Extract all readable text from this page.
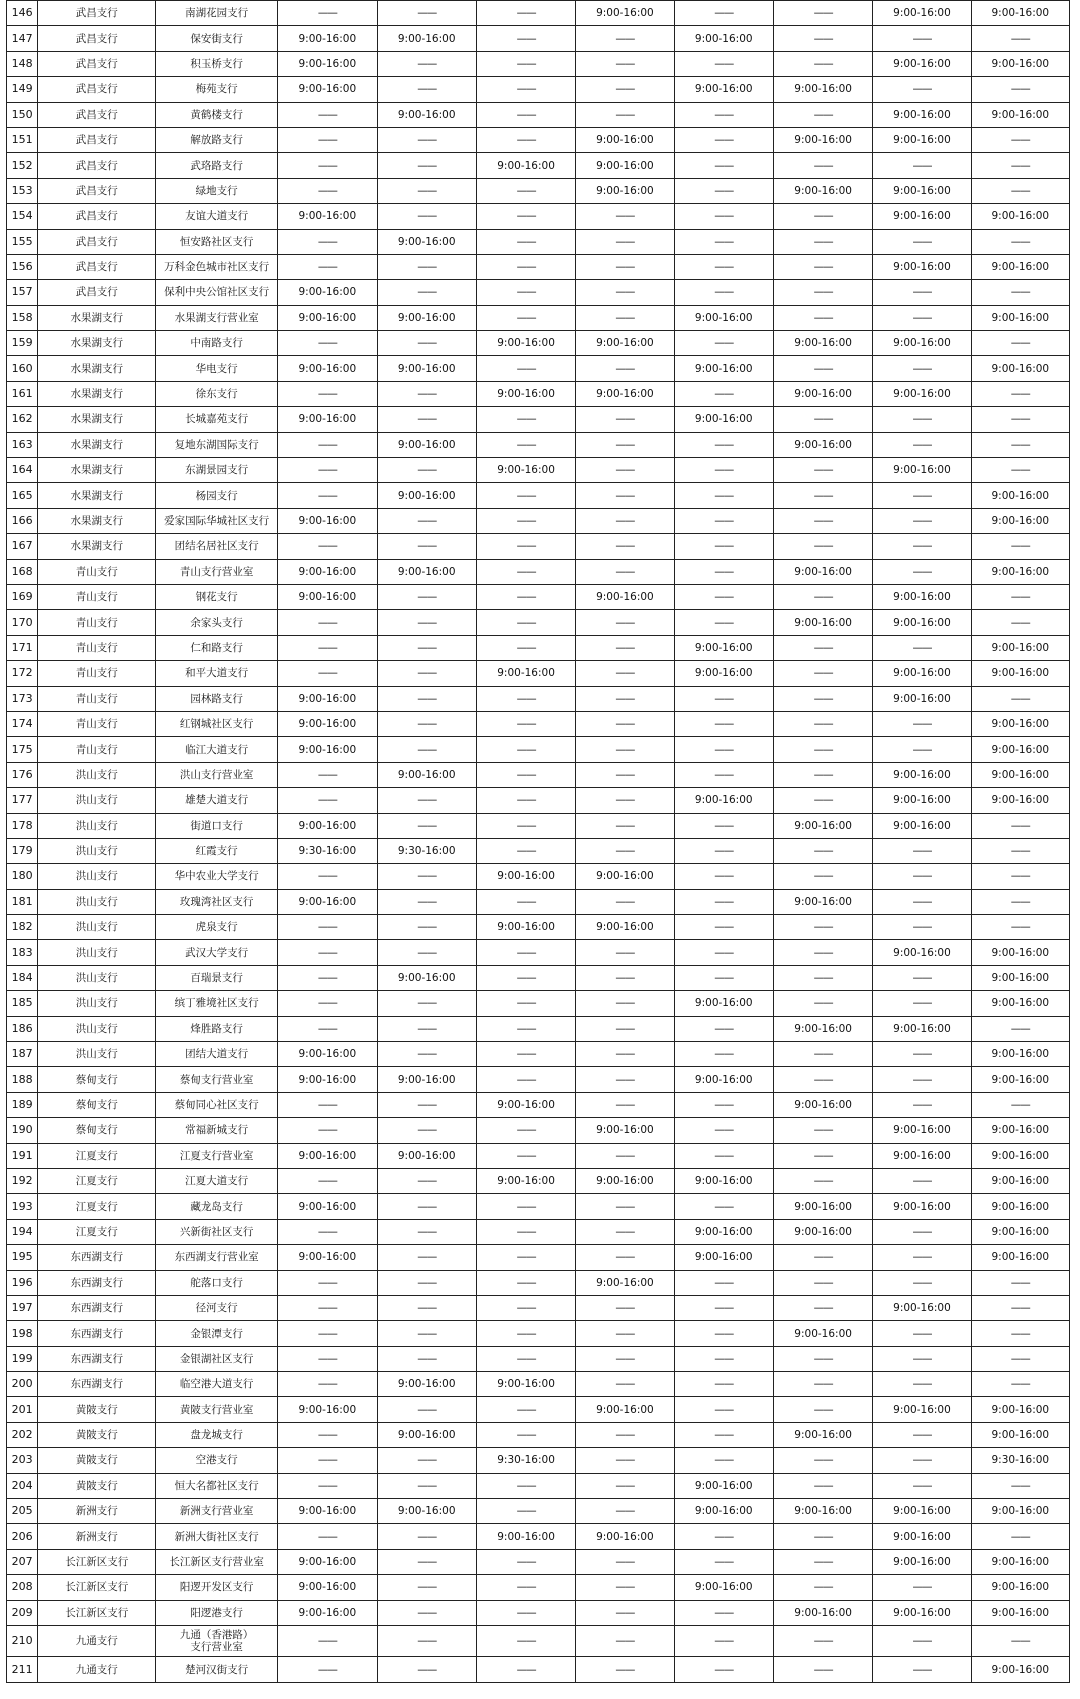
146	武昌支行	南湖花园支行	——	——	——	9:00-16:00	——	——	9:00-16:00	9:00-16:00
147	武昌支行	保安街支行	9:00-16:00	9:00-16:00	——	——	9:00-16:00	——	——	——
148	武昌支行	积玉桥支行	9:00-16:00	——	——	——	——	——	9:00-16:00	9:00-16:00
149	武昌支行	梅苑支行	9:00-16:00	——	——	——	9:00-16:00	9:00-16:00	——	——
150	武昌支行	黄鹤楼支行	——	9:00-16:00	——	——	——	——	9:00-16:00	9:00-16:00
151	武昌支行	解放路支行	——	——	——	9:00-16:00	——	9:00-16:00	9:00-16:00	——
152	武昌支行	武珞路支行	——	——	9:00-16:00	9:00-16:00	——	——	——	——
153	武昌支行	绿地支行	——	——	——	9:00-16:00	——	9:00-16:00	9:00-16:00	——
154	武昌支行	友谊大道支行	9:00-16:00	——	——	——	——	——	9:00-16:00	9:00-16:00
155	武昌支行	恒安路社区支行	——	9:00-16:00	——	——	——	——	——	——
156	武昌支行	万科金色城市社区支行	——	——	——	——	——	——	9:00-16:00	9:00-16:00
157	武昌支行	保利中央公馆社区支行	9:00-16:00	——	——	——	——	——	——	——
158	水果湖支行	水果湖支行营业室	9:00-16:00	9:00-16:00	——	——	9:00-16:00	——	——	9:00-16:00
159	水果湖支行	中南路支行	——	——	9:00-16:00	9:00-16:00	——	9:00-16:00	9:00-16:00	——
160	水果湖支行	华电支行	9:00-16:00	9:00-16:00	——	——	9:00-16:00	——	——	9:00-16:00
161	水果湖支行	徐东支行	——	——	9:00-16:00	9:00-16:00	——	9:00-16:00	9:00-16:00	——
162	水果湖支行	长城嘉苑支行	9:00-16:00	——	——	——	9:00-16:00	——	——	——
163	水果湖支行	复地东湖国际支行	——	9:00-16:00	——	——	——	9:00-16:00	——	——
164	水果湖支行	东湖景园支行	——	——	9:00-16:00	——	——	——	9:00-16:00	——
165	水果湖支行	杨园支行	——	9:00-16:00	——	——	——	——	——	9:00-16:00
166	水果湖支行	爱家国际华城社区支行	9:00-16:00	——	——	——	——	——	——	9:00-16:00
167	水果湖支行	团结名居社区支行	——	——	——	——	——	——	——	——
168	青山支行	青山支行营业室	9:00-16:00	9:00-16:00	——	——	——	9:00-16:00	——	9:00-16:00
169	青山支行	钢花支行	9:00-16:00	——	——	9:00-16:00	——	——	9:00-16:00	——
170	青山支行	余家头支行	——	——	——	——	——	9:00-16:00	9:00-16:00	——
171	青山支行	仁和路支行	——	——	——	——	9:00-16:00	——	——	9:00-16:00
172	青山支行	和平大道支行	——	——	9:00-16:00	——	9:00-16:00	——	9:00-16:00	9:00-16:00
173	青山支行	园林路支行	9:00-16:00	——	——	——	——	——	9:00-16:00	——
174	青山支行	红钢城社区支行	9:00-16:00	——	——	——	——	——	——	9:00-16:00
175	青山支行	临江大道支行	9:00-16:00	——	——	——	——	——	——	9:00-16:00
176	洪山支行	洪山支行营业室	——	9:00-16:00	——	——	——	——	9:00-16:00	9:00-16:00
177	洪山支行	雄楚大道支行	——	——	——	——	9:00-16:00	——	9:00-16:00	9:00-16:00
178	洪山支行	街道口支行	9:00-16:00	——	——	——	——	9:00-16:00	9:00-16:00	——
179	洪山支行	红霞支行	9:30-16:00	9:30-16:00	——	——	——	——	——	——
180	洪山支行	华中农业大学支行	——	——	9:00-16:00	9:00-16:00	——	——	——	——
181	洪山支行	玫瑰湾社区支行	9:00-16:00	——	——	——	——	9:00-16:00	——	——
182	洪山支行	虎泉支行	——	——	9:00-16:00	9:00-16:00	——	——	——	——
183	洪山支行	武汉大学支行	——	——	——	——	——	——	9:00-16:00	9:00-16:00
184	洪山支行	百瑞景支行	——	9:00-16:00	——	——	——	——	——	9:00-16:00
185	洪山支行	缤丁雅境社区支行	——	——	——	——	9:00-16:00	——	——	9:00-16:00
186	洪山支行	烽胜路支行	——	——	——	——	——	9:00-16:00	9:00-16:00	——
187	洪山支行	团结大道支行	9:00-16:00	——	——	——	——	——	——	9:00-16:00
188	蔡甸支行	蔡甸支行营业室	9:00-16:00	9:00-16:00	——	——	9:00-16:00	——	——	9:00-16:00
189	蔡甸支行	蔡甸同心社区支行	——	——	9:00-16:00	——	——	9:00-16:00	——	——
190	蔡甸支行	常福新城支行	——	——	——	9:00-16:00	——	——	9:00-16:00	9:00-16:00
191	江夏支行	江夏支行营业室	9:00-16:00	9:00-16:00	——	——	——	——	9:00-16:00	9:00-16:00
192	江夏支行	江夏大道支行	——	——	9:00-16:00	9:00-16:00	9:00-16:00	——	——	9:00-16:00
193	江夏支行	藏龙岛支行	9:00-16:00	——	——	——	——	9:00-16:00	9:00-16:00	9:00-16:00
194	江夏支行	兴新街社区支行	——	——	——	——	9:00-16:00	9:00-16:00	——	9:00-16:00
195	东西湖支行	东西湖支行营业室	9:00-16:00	——	——	——	9:00-16:00	——	——	9:00-16:00
196	东西湖支行	舵落口支行	——	——	——	9:00-16:00	——	——	——	——
197	东西湖支行	径河支行	——	——	——	——	——	——	9:00-16:00	——
198	东西湖支行	金银潭支行	——	——	——	——	——	9:00-16:00	——	——
199	东西湖支行	金银湖社区支行	——	——	——	——	——	——	——	——
200	东西湖支行	临空港大道支行	——	9:00-16:00	9:00-16:00	——	——	——	——	——
201	黄陂支行	黄陂支行营业室	9:00-16:00	——	——	9:00-16:00	——	——	9:00-16:00	9:00-16:00
202	黄陂支行	盘龙城支行	——	9:00-16:00	——	——	——	9:00-16:00	——	9:00-16:00
203	黄陂支行	空港支行	——	——	9:30-16:00	——	——	——	——	9:30-16:00
204	黄陂支行	恒大名都社区支行	——	——	——	——	9:00-16:00	——	——	——
205	新洲支行	新洲支行营业室	9:00-16:00	9:00-16:00	——	——	9:00-16:00	9:00-16:00	9:00-16:00	9:00-16:00
206	新洲支行	新洲大街社区支行	——	——	9:00-16:00	9:00-16:00	——	——	9:00-16:00	——
207	长江新区支行	长江新区支行营业室	9:00-16:00	——	——	——	——	——	9:00-16:00	9:00-16:00
208	长江新区支行	阳逻开发区支行	9:00-16:00	——	——	——	9:00-16:00	——	——	9:00-16:00
209	长江新区支行	阳逻港支行	9:00-16:00	——	——	——	——	9:00-16:00	9:00-16:00	9:00-16:00
210	九通支行	九通（香港路）
支行营业室	——	——	——	——	——	——	——	——
211	九通支行	楚河汉街支行	——	——	——	——	——	——	——	9:00-16:00
